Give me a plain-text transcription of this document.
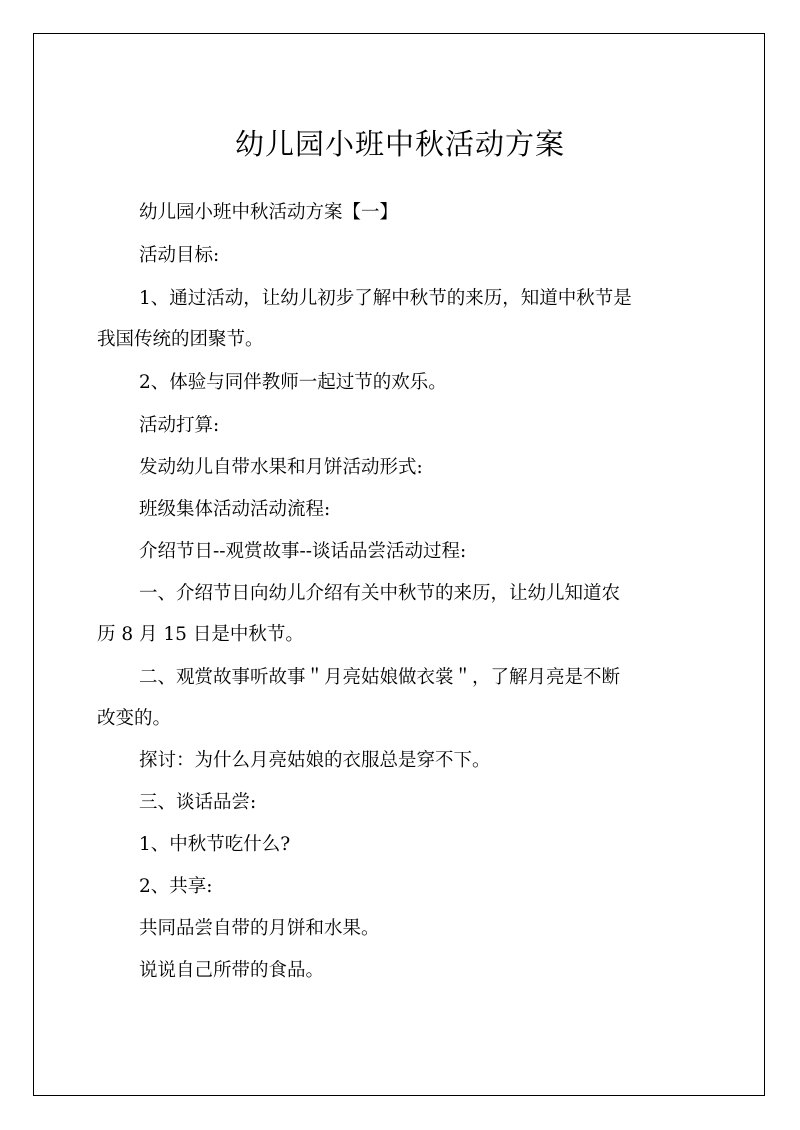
幼儿园小班中秋活动方案
幼儿园小班中秋活动方案【一】
活动目标:
1、通过活动，让幼儿初步了解中秋节的来历，知道中秋节是
我国传统的团聚节。
2、体验与同伴教师一起过节的欢乐。
活动打算:
发动幼儿自带水果和月饼活动形式:
班级集体活动活动流程:
介绍节日--观赏故事--谈话品尝活动过程:
一、介绍节日向幼儿介绍有关中秋节的来历，让幼儿知道农
历 8 月 15 日是中秋节。
二、观赏故事听故事＂月亮姑娘做衣裳＂，了解月亮是不断
改变的。
探讨：为什么月亮姑娘的衣服总是穿不下。
三、谈话品尝:
1、中秋节吃什么?
2、共享:
共同品尝自带的月饼和水果。
说说自己所带的食品。
